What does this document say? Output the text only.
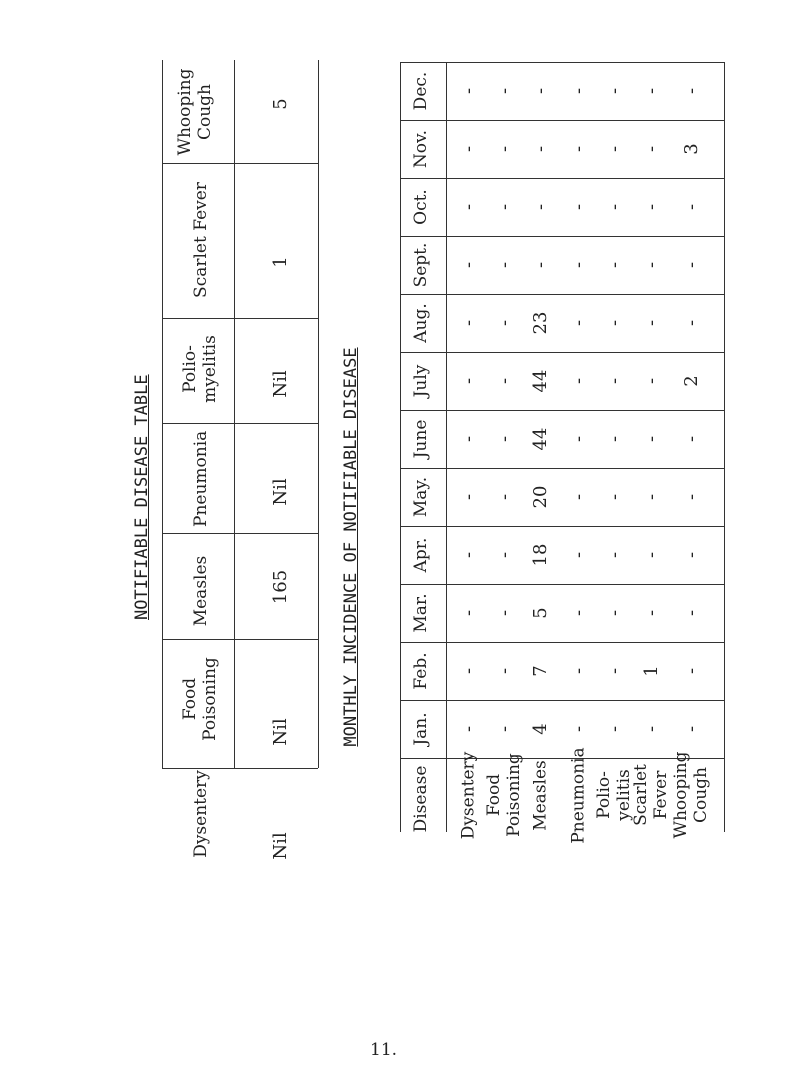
NOTIFIABLE DISEASE TABLE
Whooping
Cough
Scarlet Fever
Polio-
myelitis
Pneumonia
Measles
Food
Poisoning
Dysentery
5
1
Nil
Nil
165
Nil
Nil
MONTHLY INCIDENCE OF NOTIFIABLE DISEASE
Disease
Dec.
Nov.
Oct.
Sept.
Aug.
July
June
May.
Apr.
Mar.
Feb.
Jan.
- - - - - - -
- - - - - - 3
- - - - - - -
- - - - - - -
- - 23 - - - -
- - 44 - - - 2
- - 44 - - - -
- - 20 - - - -
- - 18 - - - -
- - 5 - - - -
- - 7 - - 1 -
- - 4 - - - -
Dysentery Food
Poisoning Measles Pneumonia Polio-
yelitis
Scarlet
Fever Whooping
Cough
11.
